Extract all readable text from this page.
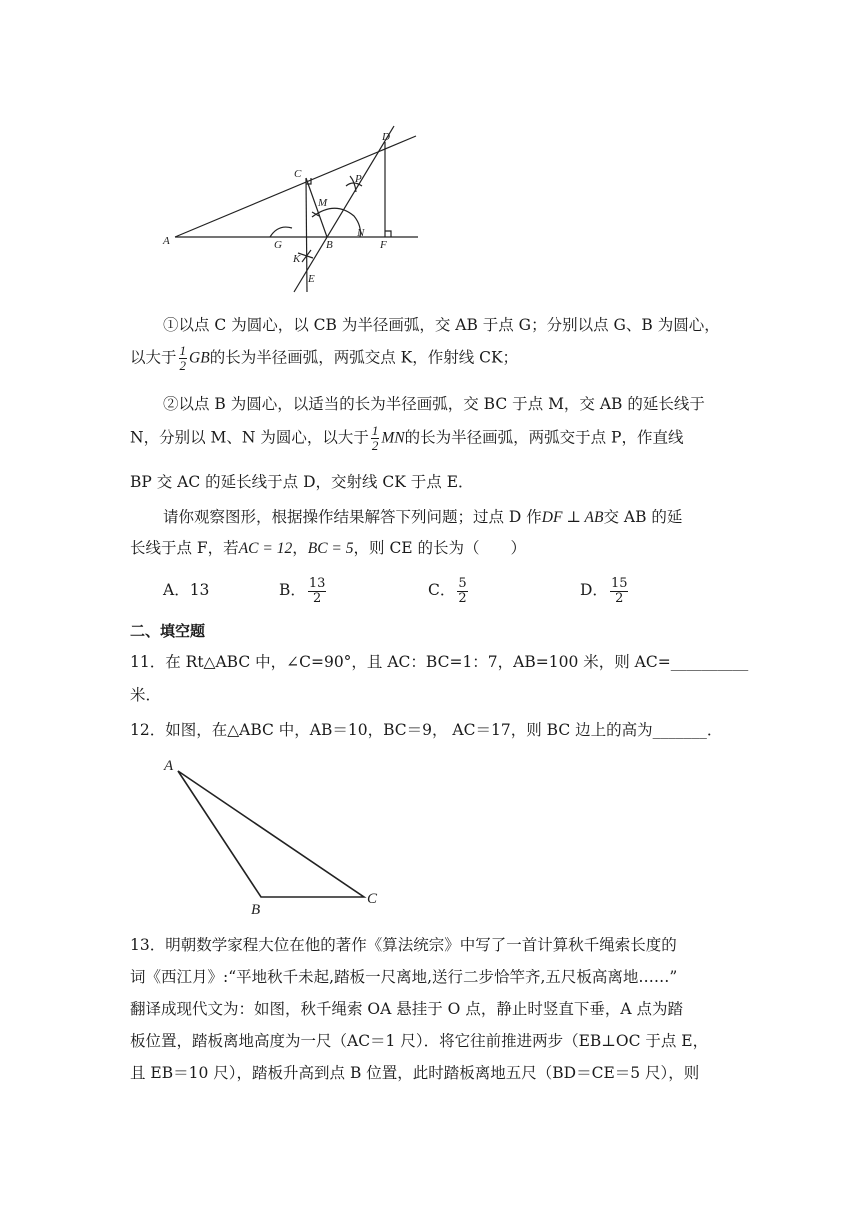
A
C
D
G	B	F
K
E
M
N
P
①以点 C 为圆心，以 CB 为半径画弧，交 AB 于点 G；分别以点 G、B 为圆心，
以大于 $\frac{1}{2}$ GB的长为半径画弧，两弧交点 K，作射线 CK；
②以点 B 为圆心，以适当的长为半径画弧，交 BC 于点 M，交 AB 的延长线于
N，分别以 M、N 为圆心，以大于 $\frac{1}{2}$ MN的长为半径画弧，两弧交于点 P，作直线
BP 交 AC 的延长线于点 D，交射线 CK 于点 E．
请你观察图形，根据操作结果解答下列问题；过点 D 作DF ⊥ AB交 AB 的延
长线于点 F，若AC = 12，BC = 5，则 CE 的长为（　　）
A．13	B． $\frac{13}{2}$	C． $\frac{5}{2}$	D． $\frac{15}{2}$
二、填空题
11．在 Rt△ABC 中，∠C=90°，且 AC：BC=1：7，AB=100 米，则 AC=__________
米．
12．如图，在△ABC 中，AB＝10，BC＝9， AC＝17，则 BC 边上的高为_______．
A
B
C
13．明朝数学家程大位在他的著作《算法统宗》中写了一首计算秋千绳索长度的
词《西江月》:“平地秋千未起,踏板一尺离地,送行二步恰竿齐,五尺板高离地……”
翻译成现代文为：如图，秋千绳索 OA 悬挂于 O 点，静止时竖直下垂，A 点为踏
板位置，踏板离地高度为一尺（AC＝1 尺）．将它往前推进两步（EB⊥OC 于点 E，
且 EB＝10 尺），踏板升高到点 B 位置，此时踏板离地五尺（BD＝CE＝5 尺），则
